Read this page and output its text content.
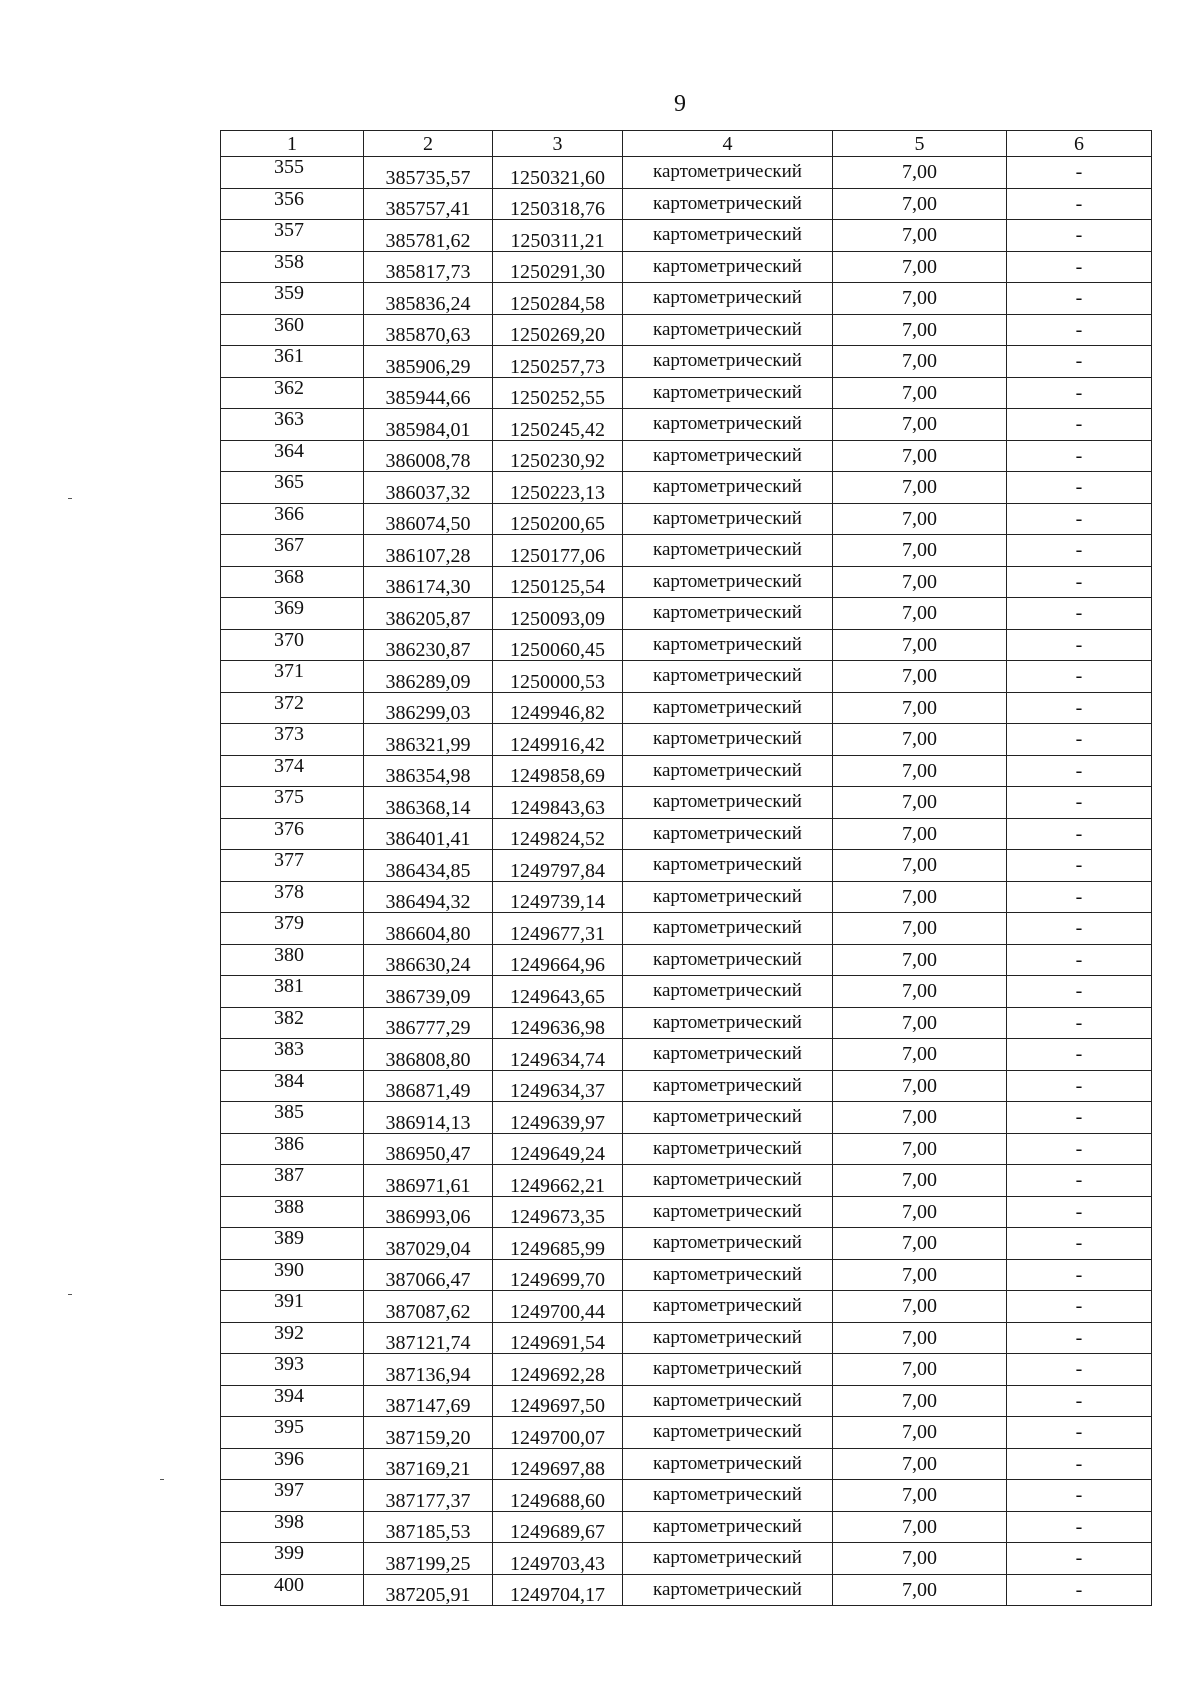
9
1	2	3	4	5	6
355	385735,57	1250321,60	картометрический	7,00	-
356	385757,41	1250318,76	картометрический	7,00	-
357	385781,62	1250311,21	картометрический	7,00	-
358	385817,73	1250291,30	картометрический	7,00	-
359	385836,24	1250284,58	картометрический	7,00	-
360	385870,63	1250269,20	картометрический	7,00	-
361	385906,29	1250257,73	картометрический	7,00	-
362	385944,66	1250252,55	картометрический	7,00	-
363	385984,01	1250245,42	картометрический	7,00	-
364	386008,78	1250230,92	картометрический	7,00	-
365	386037,32	1250223,13	картометрический	7,00	-
366	386074,50	1250200,65	картометрический	7,00	-
367	386107,28	1250177,06	картометрический	7,00	-
368	386174,30	1250125,54	картометрический	7,00	-
369	386205,87	1250093,09	картометрический	7,00	-
370	386230,87	1250060,45	картометрический	7,00	-
371	386289,09	1250000,53	картометрический	7,00	-
372	386299,03	1249946,82	картометрический	7,00	-
373	386321,99	1249916,42	картометрический	7,00	-
374	386354,98	1249858,69	картометрический	7,00	-
375	386368,14	1249843,63	картометрический	7,00	-
376	386401,41	1249824,52	картометрический	7,00	-
377	386434,85	1249797,84	картометрический	7,00	-
378	386494,32	1249739,14	картометрический	7,00	-
379	386604,80	1249677,31	картометрический	7,00	-
380	386630,24	1249664,96	картометрический	7,00	-
381	386739,09	1249643,65	картометрический	7,00	-
382	386777,29	1249636,98	картометрический	7,00	-
383	386808,80	1249634,74	картометрический	7,00	-
384	386871,49	1249634,37	картометрический	7,00	-
385	386914,13	1249639,97	картометрический	7,00	-
386	386950,47	1249649,24	картометрический	7,00	-
387	386971,61	1249662,21	картометрический	7,00	-
388	386993,06	1249673,35	картометрический	7,00	-
389	387029,04	1249685,99	картометрический	7,00	-
390	387066,47	1249699,70	картометрический	7,00	-
391	387087,62	1249700,44	картометрический	7,00	-
392	387121,74	1249691,54	картометрический	7,00	-
393	387136,94	1249692,28	картометрический	7,00	-
394	387147,69	1249697,50	картометрический	7,00	-
395	387159,20	1249700,07	картометрический	7,00	-
396	387169,21	1249697,88	картометрический	7,00	-
397	387177,37	1249688,60	картометрический	7,00	-
398	387185,53	1249689,67	картометрический	7,00	-
399	387199,25	1249703,43	картометрический	7,00	-
400	387205,91	1249704,17	картометрический	7,00	-
